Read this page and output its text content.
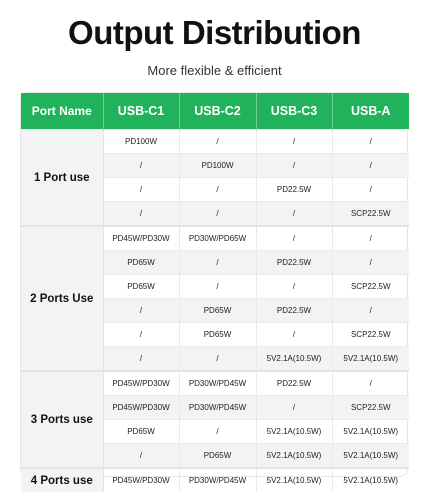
Output Distribution
More flexible & efficient
Port Name	USB-C1	USB-C2	USB-C3	USB-A
1 Port use	PD100W	/	/	/
	/	PD100W	/	/
	/	/	PD22.5W	/
	/	/	/	SCP22.5W
2 Ports Use	PD45W/PD30W	PD30W/PD65W	/	/
	PD65W	/	PD22.5W	/
	PD65W	/	/	SCP22.5W
	/	PD65W	PD22.5W	/
	/	PD65W	/	SCP22.5W
	/	/	5V2.1A(10.5W)	5V2.1A(10.5W)
3 Ports use	PD45W/PD30W	PD30W/PD45W	PD22.5W	/
	PD45W/PD30W	PD30W/PD45W	/	SCP22.5W
	PD65W	/	5V2.1A(10.5W)	5V2.1A(10.5W)
	/	PD65W	5V2.1A(10.5W)	5V2.1A(10.5W)
4 Ports use	PD45W/PD30W	PD30W/PD45W	5V2.1A(10.5W)	5V2.1A(10.5W)
